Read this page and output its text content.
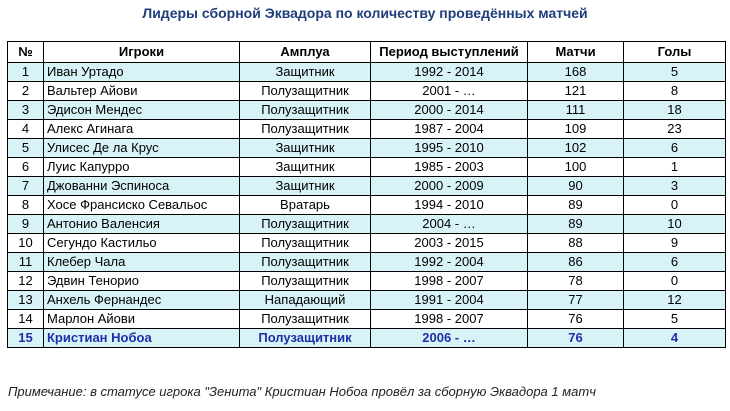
Лидеры сборной Эквадора по количеству проведённых матчей
№	Игроки	Амплуа	Период выступлений	Матчи	Голы
1	Иван Уртадо	Защитник	1992 - 2014	168	5
2	Вальтер Айови	Полузащитник	2001 - …	121	8
3	Эдисон Мендес	Полузащитник	2000 - 2014	111	18
4	Алекс Агинага	Полузащитник	1987 - 2004	109	23
5	Улисес Де ла Крус	Защитник	1995 - 2010	102	6
6	Луис Капурро	Защитник	1985 - 2003	100	1
7	Джованни Эспиноса	Защитник	2000 - 2009	90	3
8	Хосе Франсиско Севальос	Вратарь	1994 - 2010	89	0
9	Антонио Валенсия	Полузащитник	2004 - …	89	10
10	Сегундо Кастильо	Полузащитник	2003 - 2015	88	9
11	Клебер Чала	Полузащитник	1992 - 2004	86	6
12	Эдвин Тенорио	Полузащитник	1998 - 2007	78	0
13	Анхель Фернандес	Нападающий	1991 - 2004	77	12
14	Марлон Айови	Полузащитник	1998 - 2007	76	5
15	Кристиан Нобоа	Полузащитник	2006 - …	76	4
Примечание: в статусе игрока "Зенита" Кристиан Нобоа провёл за сборную Эквадора 1 матч
